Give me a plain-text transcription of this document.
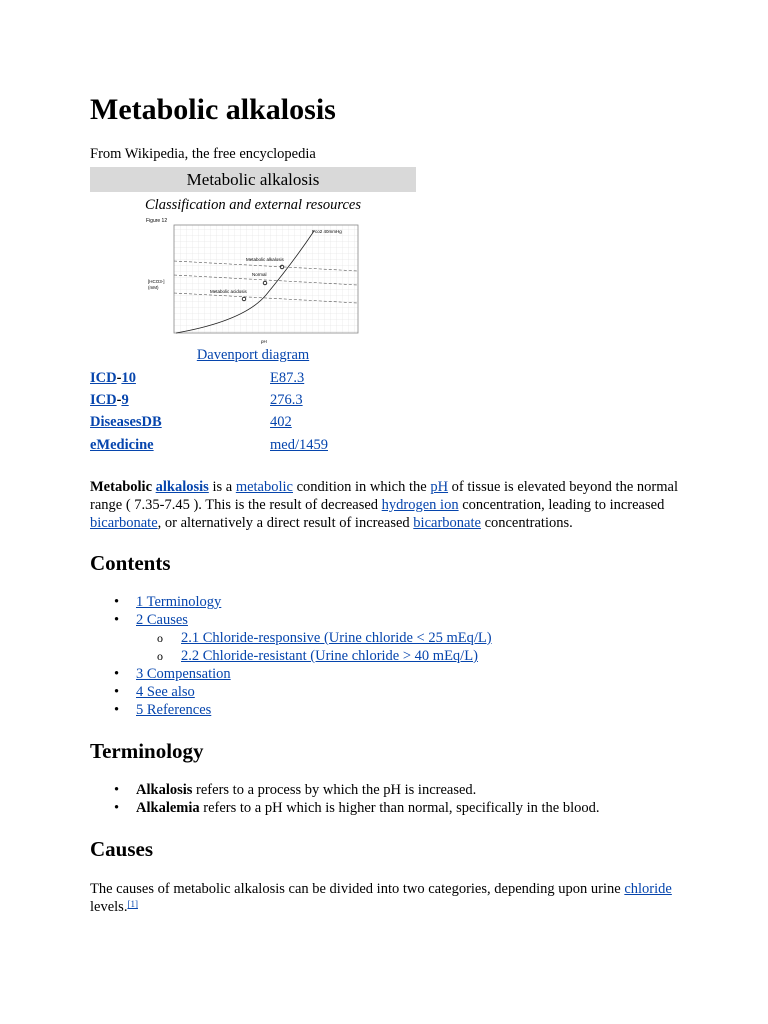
Metabolic alkalosis
From Wikipedia, the free encyclopedia
Metabolic alkalosis
Classification and external resources
Figure 12
Pco2 40mmHg
Metabolic alkalosis
Normal
Metabolic acidosis
[HCO3-]
(mM)
pH
Davenport diagram
ICD-10	E87.3
ICD-9	276.3
DiseasesDB	402
eMedicine	med/1459

Metabolic alkalosis is a metabolic condition in which the pH of tissue is elevated beyond the normal range ( 7.35-7.45 ). This is the result of decreased hydrogen ion concentration, leading to increased bicarbonate, or alternatively a direct result of increased bicarbonate concentrations.

Contents
• 1 Terminology
• 2 Causes
o 2.1 Chloride-responsive (Urine chloride < 25 mEq/L)
o 2.2 Chloride-resistant (Urine chloride > 40 mEq/L)
• 3 Compensation
• 4 See also
• 5 References
Terminology
• Alkalosis refers to a process by which the pH is increased.
• Alkalemia refers to a pH which is higher than normal, specifically in the blood.
Causes

The causes of metabolic alkalosis can be divided into two categories, depending upon urine chloride levels.[1]
